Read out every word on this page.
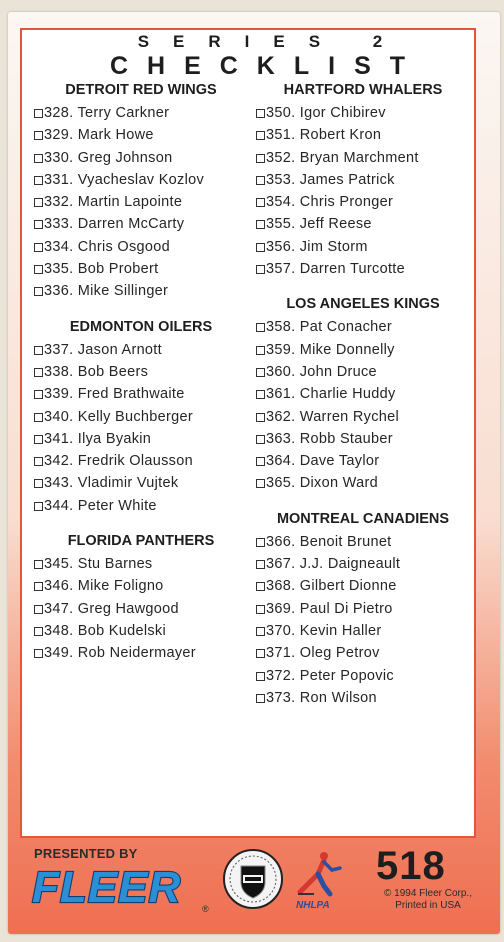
SERIES 2
CHECKLIST
DETROIT RED WINGS
328. Terry Carkner
329. Mark Howe
330. Greg Johnson
331. Vyacheslav Kozlov
332. Martin Lapointe
333. Darren McCarty
334. Chris Osgood
335. Bob Probert
336. Mike Sillinger
EDMONTON OILERS
337. Jason Arnott
338. Bob Beers
339. Fred Brathwaite
340. Kelly Buchberger
341. Ilya Byakin
342. Fredrik Olausson
343. Vladimir Vujtek
344. Peter White
FLORIDA PANTHERS
345. Stu Barnes
346. Mike Foligno
347. Greg Hawgood
348. Bob Kudelski
349. Rob Neidermayer
HARTFORD WHALERS
350. Igor Chibirev
351. Robert Kron
352. Bryan Marchment
353. James Patrick
354. Chris Pronger
355. Jeff Reese
356. Jim Storm
357. Darren Turcotte
LOS ANGELES KINGS
358. Pat Conacher
359. Mike Donnelly
360. John Druce
361. Charlie Huddy
362. Warren Rychel
363. Robb Stauber
364. Dave Taylor
365. Dixon Ward
MONTREAL CANADIENS
366. Benoit Brunet
367. J.J. Daigneault
368. Gilbert Dionne
369. Paul Di Pietro
370. Kevin Haller
371. Oleg Petrov
372. Peter Popovic
373. Ron Wilson
PRESENTED BY
FLEER ®	NHLPA
518
© 1994 Fleer Corp.,
Printed in USA
